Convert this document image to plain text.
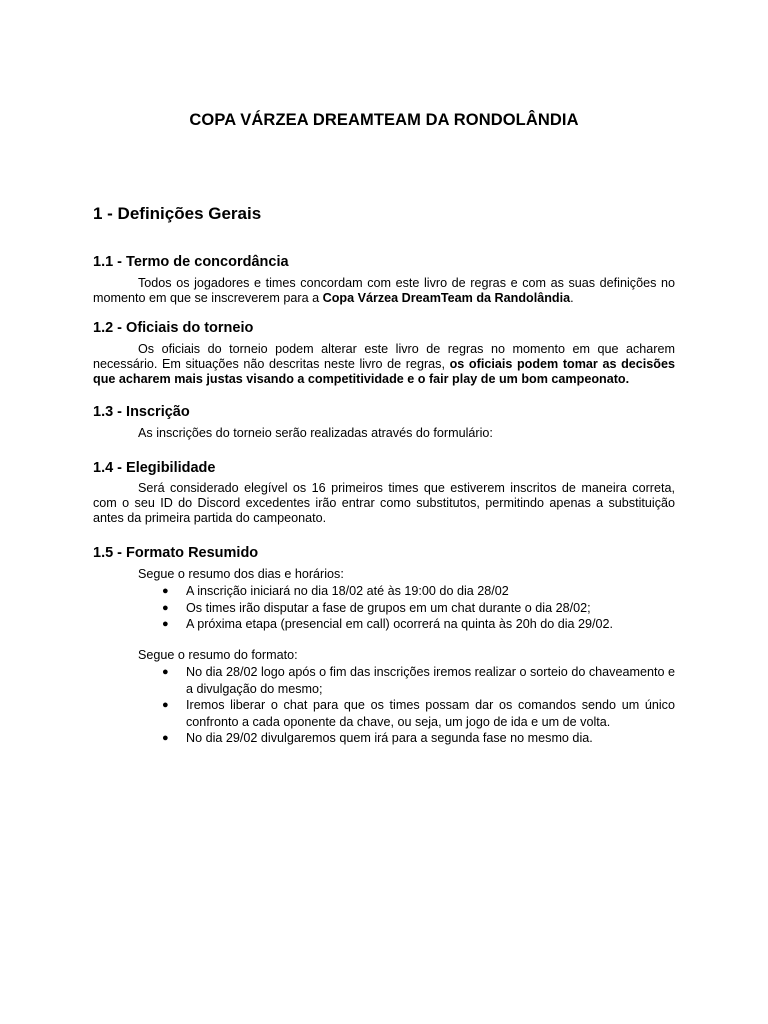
COPA VÁRZEA DREAMTEAM DA RONDOLÂNDIA
1 - Definições Gerais
1.1 - Termo de concordância
Todos os jogadores e times concordam com este livro de regras e com as suas definições no momento em que se inscreverem para a Copa Várzea DreamTeam da Randolândia.
1.2 - Oficiais do torneio
Os oficiais do torneio podem alterar este livro de regras no momento em que acharem necessário. Em situações não descritas neste livro de regras, os oficiais podem tomar as decisões que acharem mais justas visando a competitividade e o fair play de um bom campeonato.
1.3 - Inscrição
As inscrições do torneio serão realizadas através do formulário:
1.4 - Elegibilidade
Será considerado elegível os 16 primeiros times que estiverem inscritos de maneira correta, com o seu ID do Discord excedentes irão entrar como substitutos, permitindo apenas a substituição antes da primeira partida do campeonato.
1.5 - Formato Resumido
Segue o resumo dos dias e horários:
● A inscrição iniciará no dia 18/02 até às 19:00 do dia 28/02
● Os times irão disputar a fase de grupos em um chat durante o dia 28/02;
● A próxima etapa (presencial em call) ocorrerá na quinta às 20h do dia 29/02.
Segue o resumo do formato:
● No dia 28/02 logo após o fim das inscrições iremos realizar o sorteio do chaveamento e a divulgação do mesmo;
● Iremos liberar o chat para que os times possam dar os comandos sendo um único confronto a cada oponente da chave, ou seja, um jogo de ida e um de volta.
● No dia 29/02 divulgaremos quem irá para a segunda fase no mesmo dia.
